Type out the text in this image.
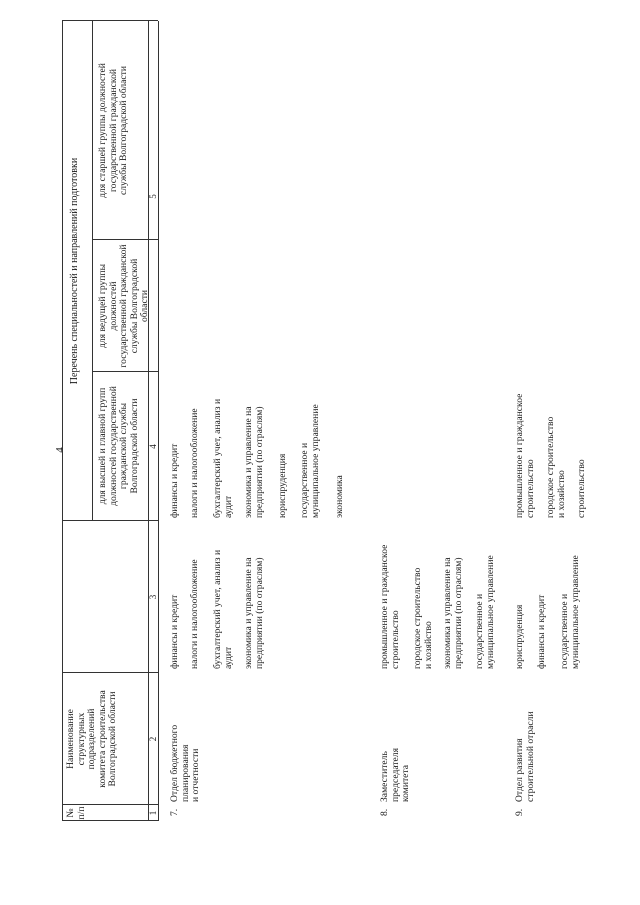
4
№
п/п
Наименование
структурных
подразделений
комитета строительства
Волгоградской области
Перечень специальностей и направлений подготовки
для высшей и главной групп
должностей государственной
гражданской службы
Волгоградской области
для ведущей группы должностей
государственной гражданской
службы Волгоградской области
для старшей группы должностей
государственной гражданской
службы Волгоградской области
1
2
3
4
5
7.
Отдел бюджетного
планирования
и отчетности
финансы и кредит налоги и налогообложение бухгалтерский учет, анализ и
аудит экономика и управление на
предприятии (по отраслям)
финансы и кредит налоги и налогообложение бухгалтерский учет, анализ и
аудит экономика и управление на
предприятии (по отраслям)
юриспруденция государственное и
муниципальное управление
экономика
8.
Заместитель
председателя
комитета
промышленное и гражданское
строительство городское строительство
и хозяйство экономика и управление на
предприятии (по отраслям)
государственное и
муниципальное управление
9.
Отдел развития
строительной отрасли
юриспруденция финансы и кредит государственное и
муниципальное управление
промышленное и гражданское
строительство городское строительство
и хозяйство строительство
